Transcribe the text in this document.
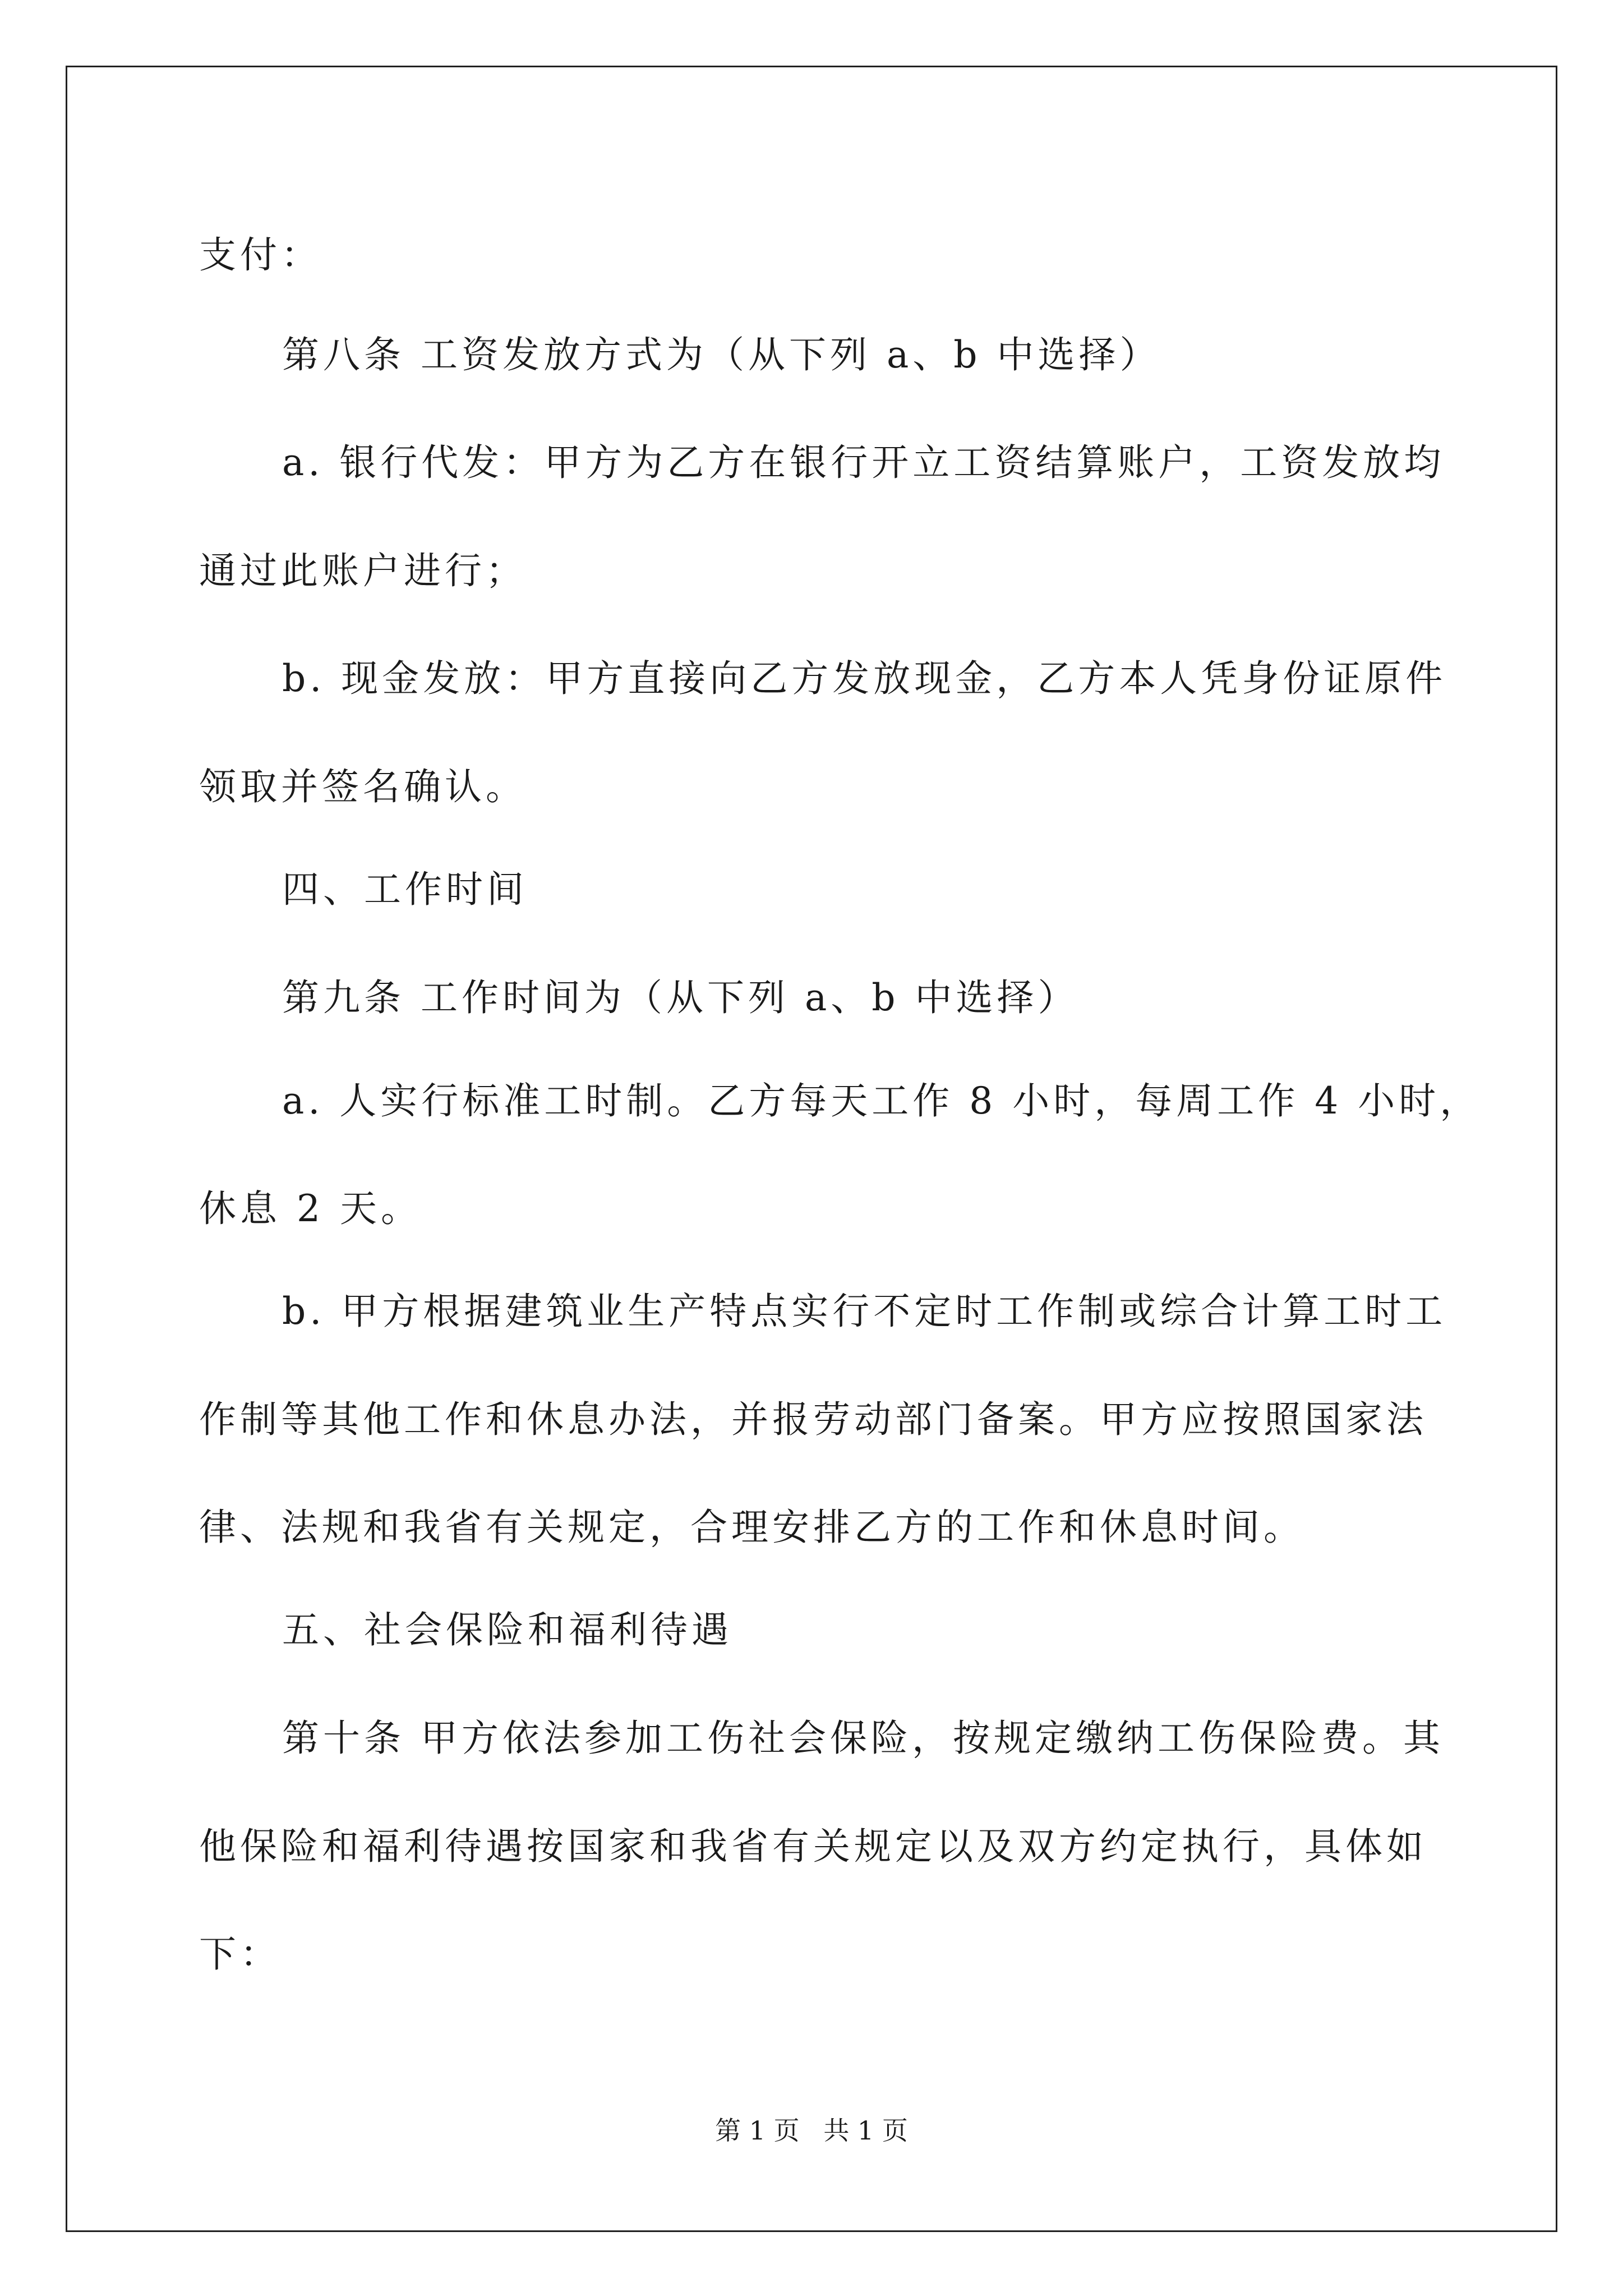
支付：
第八条 工资发放方式为（从下列 a、b 中选择）
a. 银行代发：甲方为乙方在银行开立工资结算账户，工资发放均
通过此账户进行；
b. 现金发放：甲方直接向乙方发放现金，乙方本人凭身份证原件
领取并签名确认。
四、工作时间
第九条 工作时间为（从下列 a、b 中选择）
a. 人实行标准工时制。乙方每天工作 8 小时，每周工作 4 小时，
休息 2 天。
b. 甲方根据建筑业生产特点实行不定时工作制或综合计算工时工
作制等其他工作和休息办法，并报劳动部门备案。甲方应按照国家法
律、法规和我省有关规定，合理安排乙方的工作和休息时间。
五、社会保险和福利待遇
第十条 甲方依法参加工伤社会保险，按规定缴纳工伤保险费。其
他保险和福利待遇按国家和我省有关规定以及双方约定执行，具体如
下：
第 1 页 共 1 页
